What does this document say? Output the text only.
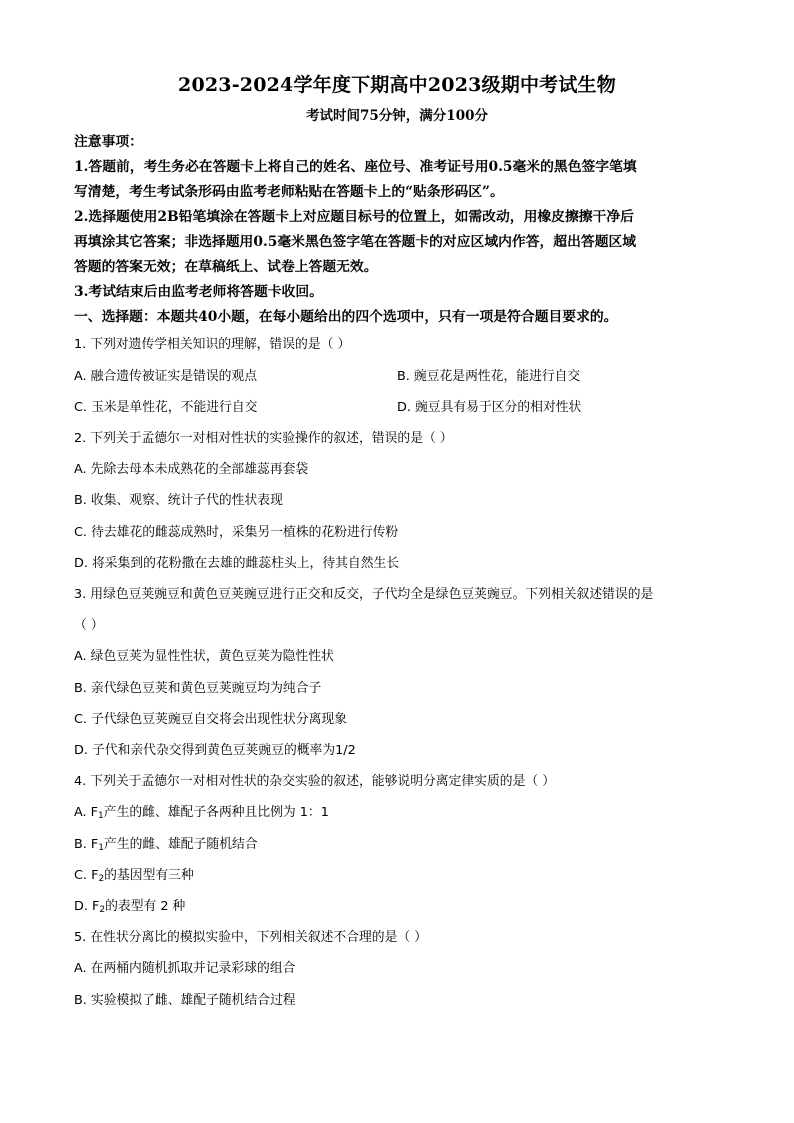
2023-2024学年度下期高中2023级期中考试生物
考试时间75分钟，满分100分
注意事项：
1.答题前，考生务必在答题卡上将自己的姓名、座位号、准考证号用0.5毫米的黑色签字笔填
写清楚，考生考试条形码由监考老师粘贴在答题卡上的“贴条形码区”。
2.选择题使用2B铅笔填涂在答题卡上对应题目标号的位置上，如需改动，用橡皮擦擦干净后
再填涂其它答案；非选择题用0.5毫米黑色签字笔在答题卡的对应区域内作答，超出答题区域
答题的答案无效；在草稿纸上、试卷上答题无效。
3.考试结束后由监考老师将答题卡收回。
一、选择题：本题共40小题，在每小题给出的四个选项中，只有一项是符合题目要求的。
1. 下列对遗传学相关知识的理解，错误的是（ ）
A. 融合遗传被证实是错误的观点	B. 豌豆花是两性花，能进行自交
C. 玉米是单性花，不能进行自交	D. 豌豆具有易于区分的相对性状
2. 下列关于孟德尔一对相对性状的实验操作的叙述，错误的是（ ）
A. 先除去母本未成熟花的全部雄蕊再套袋
B. 收集、观察、统计子代的性状表现
C. 待去雄花的雌蕊成熟时，采集另一植株的花粉进行传粉
D. 将采集到的花粉撒在去雄的雌蕊柱头上，待其自然生长
3. 用绿色豆荚豌豆和黄色豆荚豌豆进行正交和反交，子代均全是绿色豆荚豌豆。下列相关叙述错误的是
（ ）
A. 绿色豆荚为显性性状，黄色豆荚为隐性性状
B. 亲代绿色豆荚和黄色豆荚豌豆均为纯合子
C. 子代绿色豆荚豌豆自交将会出现性状分离现象
D. 子代和亲代杂交得到黄色豆荚豌豆的概率为1/2
4. 下列关于孟德尔一对相对性状的杂交实验的叙述，能够说明分离定律实质的是（ ）
A. $F_1$产生的雌、雄配子各两种且比例为 1：1
B. $F_1$产生的雌、雄配子随机结合
C. $F_2$的基因型有三种
D. $F_2$的表型有 2 种
5. 在性状分离比的模拟实验中，下列相关叙述不合理的是（ ）
A. 在两桶内随机抓取并记录彩球的组合
B. 实验模拟了雌、雄配子随机结合过程
